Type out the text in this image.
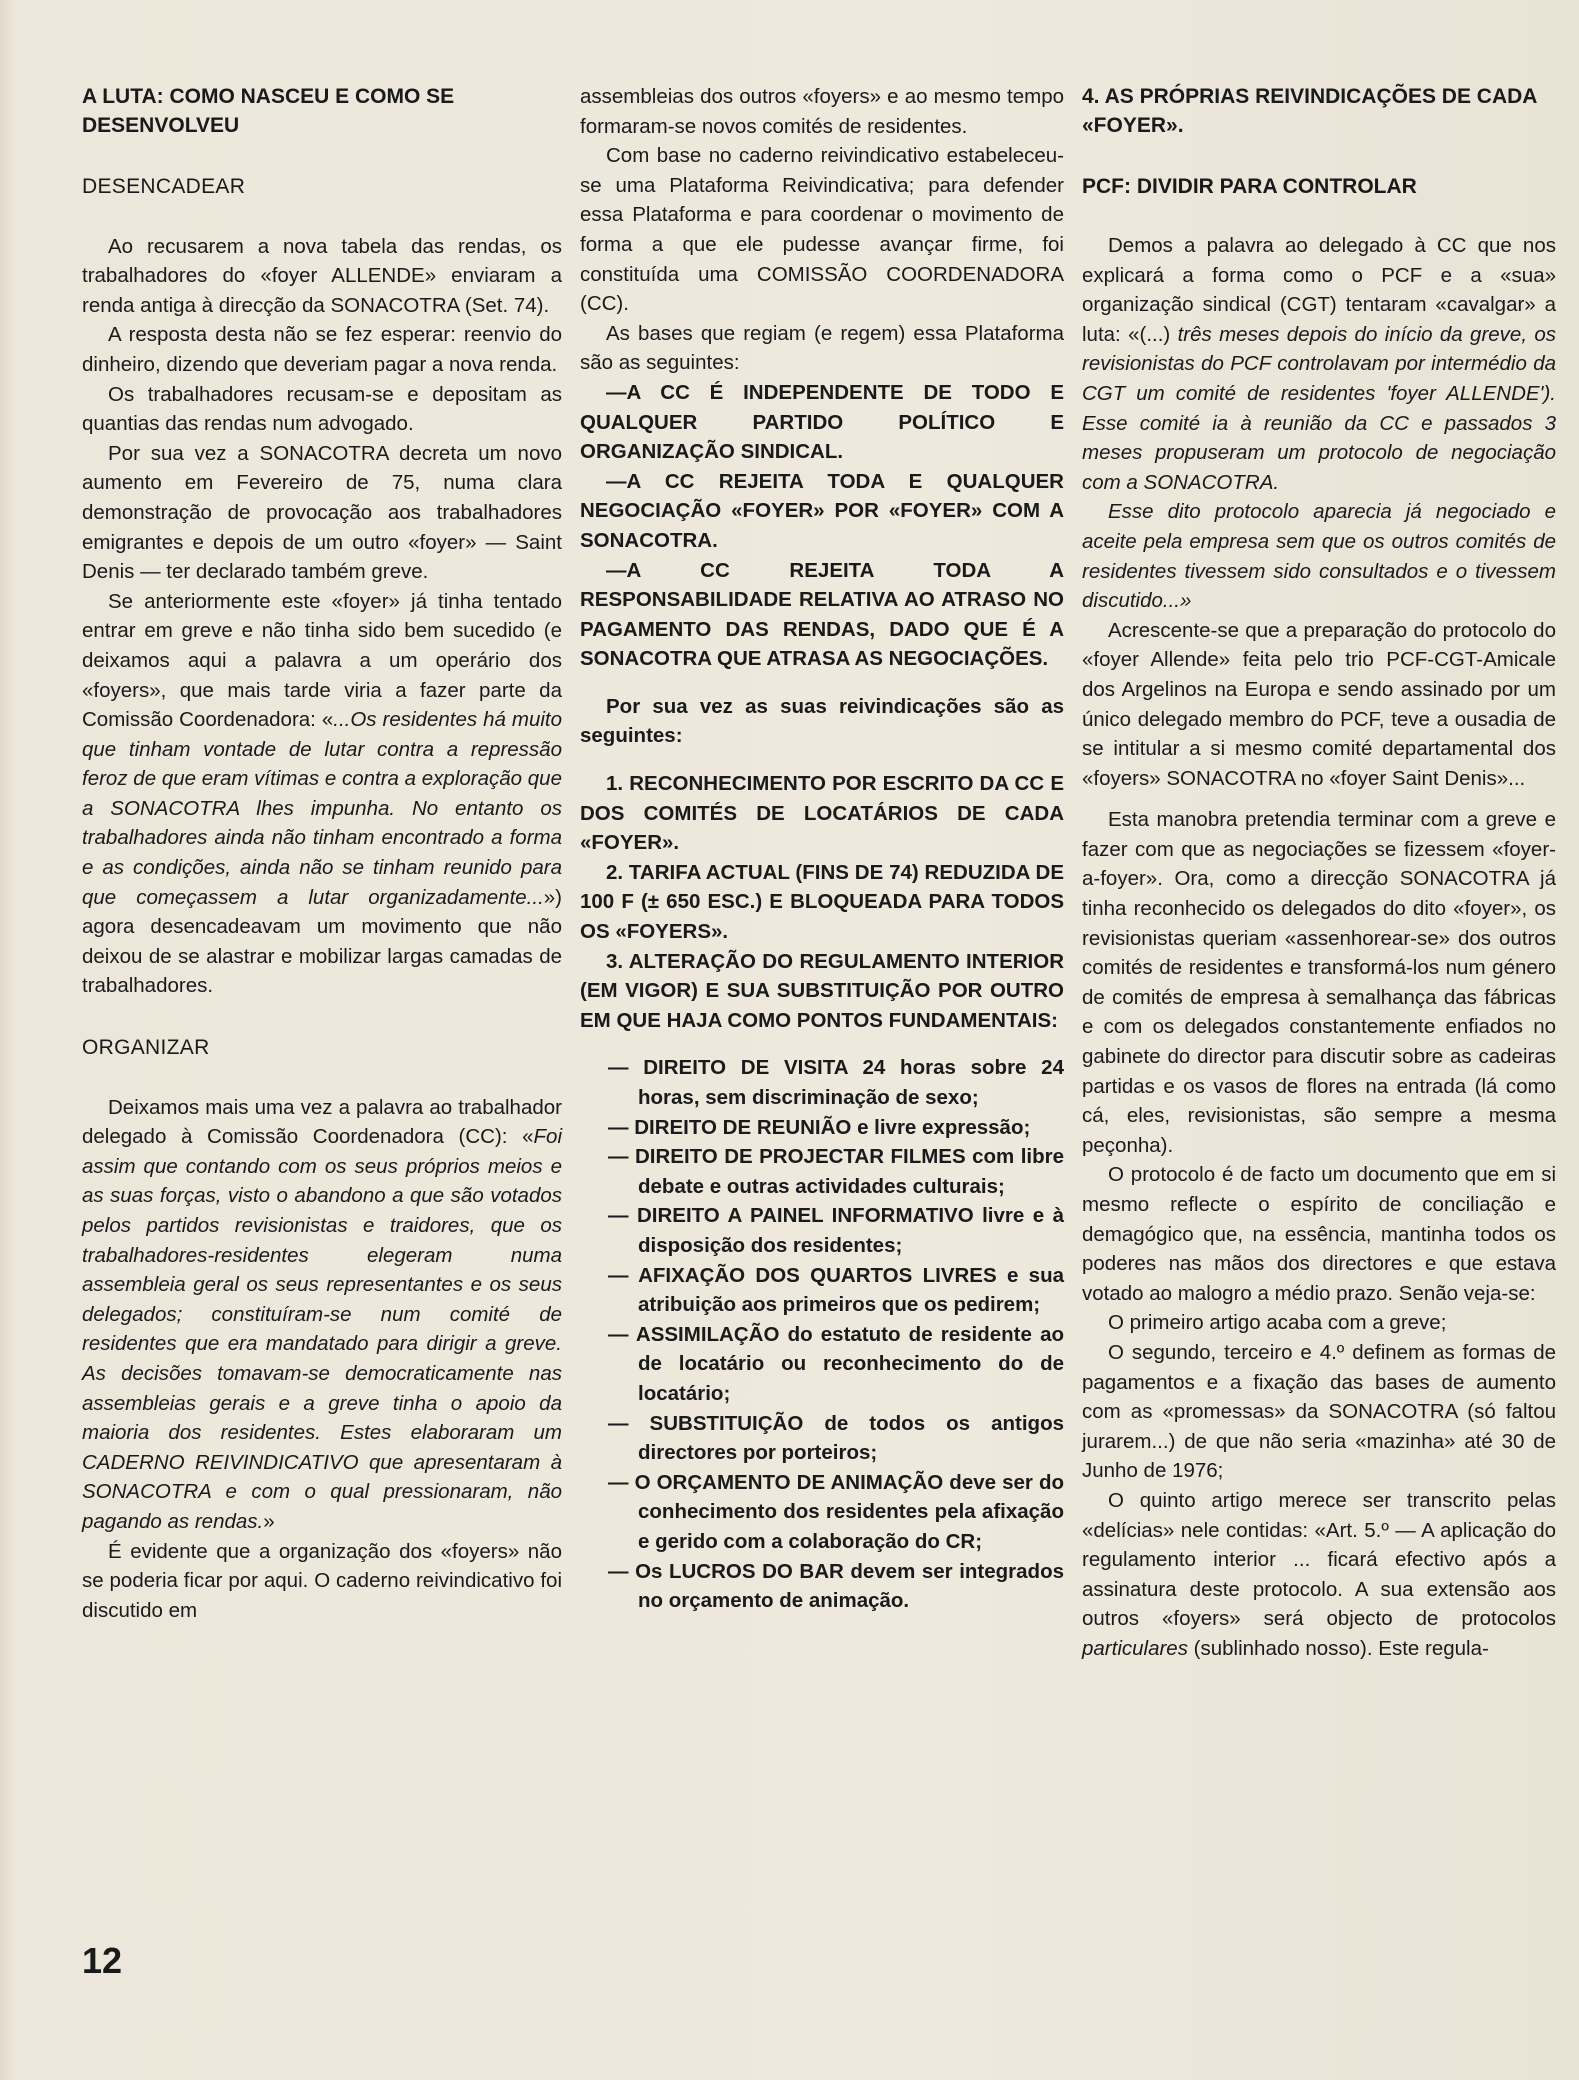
A LUTA: COMO NASCEU E COMO SE DESENVOLVEU

DESENCADEAR

Ao recusarem a nova tabela das rendas, os trabalhadores do «foyer ALLENDE» enviaram a renda antiga à direcção da SONACOTRA (Set. 74).

A resposta desta não se fez esperar: reenvio do dinheiro, dizendo que deveriam pagar a nova renda.

Os trabalhadores recusam-se e depositam as quantias das rendas num advogado.

Por sua vez a SONACOTRA decreta um novo aumento em Fevereiro de 75, numa clara demonstração de provocação aos trabalhadores emigrantes e depois de um outro «foyer» — Saint Denis — ter declarado também greve.

Se anteriormente este «foyer» já tinha tentado entrar em greve e não tinha sido bem sucedido (e deixamos aqui a palavra a um operário dos «foyers», que mais tarde viria a fazer parte da Comissão Coordenadora: «...Os residentes há muito que tinham vontade de lutar contra a repressão feroz de que eram vítimas e contra a exploração que a SONACOTRA lhes impunha. No entanto os trabalhadores ainda não tinham encontrado a forma e as condições, ainda não se tinham reunido para que começassem a lutar organizadamente...») agora desencadeavam um movimento que não deixou de se alastrar e mobilizar largas camadas de trabalhadores.

ORGANIZAR

Deixamos mais uma vez a palavra ao trabalhador delegado à Comissão Coordenadora (CC): «Foi assim que contando com os seus próprios meios e as suas forças, visto o abandono a que são votados pelos partidos revisionistas e traidores, que os trabalhadores-residentes elegeram numa assembleia geral os seus representantes e os seus delegados; constituíram-se num comité de residentes que era mandatado para dirigir a greve. As decisões tomavam-se democraticamente nas assembleias gerais e a greve tinha o apoio da maioria dos residentes. Estes elaboraram um CADERNO REIVINDICATIVO que apresentaram à SONACOTRA e com o qual pressionaram, não pagando as rendas.»

É evidente que a organização dos «foyers» não se poderia ficar por aqui. O caderno reivindicativo foi discutido em

assembleias dos outros «foyers» e ao mesmo tempo formaram-se novos comités de residentes.

Com base no caderno reivindicativo estabeleceu-se uma Plataforma Reivindicativa; para defender essa Plataforma e para coordenar o movimento de forma a que ele pudesse avançar firme, foi constituída uma COMISSÃO COORDENADORA (CC).

As bases que regiam (e regem) essa Plataforma são as seguintes:

—A CC É INDEPENDENTE DE TODO E QUALQUER PARTIDO POLÍTICO E ORGANIZAÇÃO SINDICAL.

—A CC REJEITA TODA E QUALQUER NEGOCIAÇÃO «FOYER» POR «FOYER» COM A SONACOTRA.

—A CC REJEITA TODA A RESPONSABILIDADE RELATIVA AO ATRASO NO PAGAMENTO DAS RENDAS, DADO QUE É A SONACOTRA QUE ATRASA AS NEGOCIAÇÕES.

Por sua vez as suas reivindicações são as seguintes:

1. RECONHECIMENTO POR ESCRITO DA CC E DOS COMITÉS DE LOCATÁRIOS DE CADA «FOYER».

2. TARIFA ACTUAL (FINS DE 74) REDUZIDA DE 100 F (± 650 ESC.) E BLOQUEADA PARA TODOS OS «FOYERS».

3. ALTERAÇÃO DO REGULAMENTO INTERIOR (EM VIGOR) E SUA SUBSTITUIÇÃO POR OUTRO EM QUE HAJA COMO PONTOS FUNDAMENTAIS:

— DIREITO DE VISITA 24 horas sobre 24 horas, sem discriminação de sexo;
— DIREITO DE REUNIÃO e livre expressão;
— DIREITO DE PROJECTAR FILMES com libre debate e outras actividades culturais;
— DIREITO A PAINEL INFORMATIVO livre e à disposição dos residentes;
— AFIXAÇÃO DOS QUARTOS LIVRES e sua atribuição aos primeiros que os pedirem;
— ASSIMILAÇÃO do estatuto de residente ao de locatário ou reconhecimento do de locatário;
— SUBSTITUIÇÃO de todos os antigos directores por porteiros;
— O ORÇAMENTO DE ANIMAÇÃO deve ser do conhecimento dos residentes pela afixação e gerido com a colaboração do CR;
— Os LUCROS DO BAR devem ser integrados no orçamento de animação.

4. AS PRÓPRIAS REIVINDICAÇÕES DE CADA «FOYER».

PCF: DIVIDIR PARA CONTROLAR

Demos a palavra ao delegado à CC que nos explicará a forma como o PCF e a «sua» organização sindical (CGT) tentaram «cavalgar» a luta: «(...) três meses depois do início da greve, os revisionistas do PCF controlavam por intermédio da CGT um comité de residentes 'foyer ALLENDE'). Esse comité ia à reunião da CC e passados 3 meses propuseram um protocolo de negociação com a SONACOTRA.

Esse dito protocolo aparecia já negociado e aceite pela empresa sem que os outros comités de residentes tivessem sido consultados e o tivessem discutido...»

Acrescente-se que a preparação do protocolo do «foyer Allende» feita pelo trio PCF-CGT-Amicale dos Argelinos na Europa e sendo assinado por um único delegado membro do PCF, teve a ousadia de se intitular a si mesmo comité departamental dos «foyers» SONACOTRA no «foyer Saint Denis»...

Esta manobra pretendia terminar com a greve e fazer com que as negociações se fizessem «foyer-a-foyer». Ora, como a direcção SONACOTRA já tinha reconhecido os delegados do dito «foyer», os revisionistas queriam «assenhorear-se» dos outros comités de residentes e transformá-los num género de comités de empresa à semalhança das fábricas e com os delegados constantemente enfiados no gabinete do director para discutir sobre as cadeiras partidas e os vasos de flores na entrada (lá como cá, eles, revisionistas, são sempre a mesma peçonha).

O protocolo é de facto um documento que em si mesmo reflecte o espírito de conciliação e demagógico que, na essência, mantinha todos os poderes nas mãos dos directores e que estava votado ao malogro a médio prazo. Senão veja-se:

O primeiro artigo acaba com a greve;

O segundo, terceiro e 4.º definem as formas de pagamentos e a fixação das bases de aumento com as «promessas» da SONACOTRA (só faltou jurarem...) de que não seria «mazinha» até 30 de Junho de 1976;

O quinto artigo merece ser transcrito pelas «delícias» nele contidas: «Art. 5.º — A aplicação do regulamento interior ... ficará efectivo após a assinatura deste protocolo. A sua extensão aos outros «foyers» será objecto de protocolos particulares (sublinhado nosso). Este regula-

12
